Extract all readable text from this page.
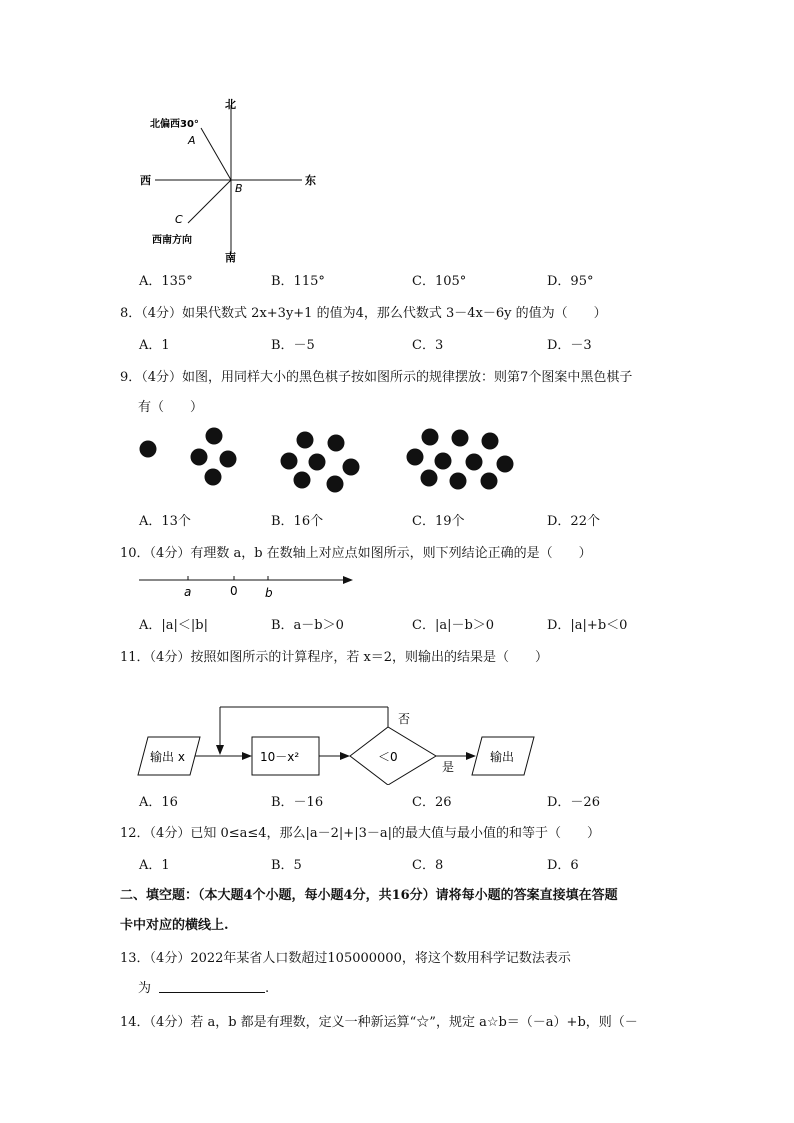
北
南
西	东
北偏西30°
A
B
C
西南方向
A．135°	B．115°	C．105°	D．95°
8．（4分）如果代数式 2x+3y+1 的值为4，那么代数式 3－4x－6y 的值为（　　）
A．1	B．－5	C．3	D．－3
9．（4分）如图，用同样大小的黑色棋子按如图所示的规律摆放：则第7个图案中黑色棋子
有（　　）
A．13个	B．16个	C．19个	D．22个
10．（4分）有理数 a，b 在数轴上对应点如图所示，则下列结论正确的是（　　）
a	0 b
A．|a|＜|b|	B．a－b＞0	C．|a|－b＞0	D．|a|+b＜0
11．（4分）按照如图所示的计算程序，若 x＝2，则输出的结果是（　　）
输出 x	10－x²	＜0
否
是
输出
A．16	B．－16	C．26	D．－26
12．（4分）已知 0≤a≤4，那么|a－2|+|3－a|的最大值与最小值的和等于（　　）
A．1	B．5	C．8	D．6
二、填空题：（本大题4个小题，每小题4分，共16分）请将每小题的答案直接填在答题
卡中对应的横线上.
13．（4分）2022年某省人口数超过105000000，将这个数用科学记数法表示
为	.
14．（4分）若 a，b 都是有理数，定义一种新运算“☆”，规定 a☆b＝（－a）+b，则（－
